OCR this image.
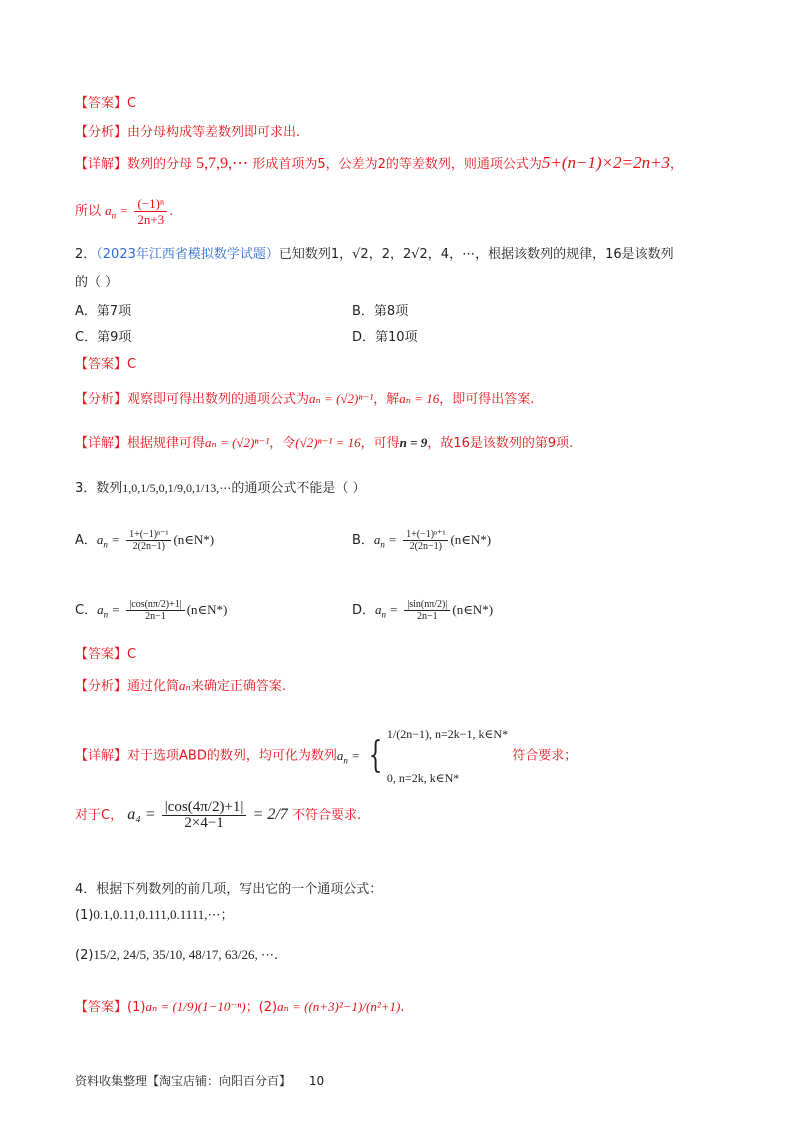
【答案】C
【分析】由分母构成等差数列即可求出.
【详解】数列的分母 5,7,9,⋯ 形成首项为5，公差为2的等差数列，则通项公式为5+(n−1)×2=2n+3，
所以 $a_n = \frac{\text{(−1)ⁿ}}{2n+3}$ .
2．（2023年江西省模拟数学试题）已知数列1，√2，2，2√2，4，⋯，根据该数列的规律，16是该数列
的（ ）
A．第7项	B．第8项
C．第9项	D．第10项
【答案】C
【分析】观察即可得出数列的通项公式为aₙ = (√2)ⁿ⁻¹，解aₙ = 16，即可得出答案.
【详解】根据规律可得aₙ = (√2)ⁿ⁻¹，令(√2)ⁿ⁻¹ = 16，可得n = 9，故16是该数列的第9项.
3．数列1,0,1/5,0,1/9,0,1/13,⋯的通项公式不能是（ ）
A．$a_n = \frac{\text{1+(−1)ⁿ⁻¹}}{2(2n-1)}$ (n∈N*)	B．$a_n = \frac{\text{1+(−1)ⁿ⁺¹}}{2(2n-1)}$ (n∈N*)
C．$a_n = \frac{|\cos(n\pi/2)+1|}{2n-1}$ (n∈N*)	D．$a_n = \frac{|\sin(n\pi/2)|}{2n-1}$ (n∈N*)
【答案】C
【分析】通过化简aₙ来确定正确答案.
【详解】对于选项ABD的数列，均可化为数列$a_n$ = {
1/(2n−1), n=2k−1, k∈N*
0, n=2k, k∈N*
符合要求；
对于C， $a_4 = \frac{|\cos(4\pi/2)+1|}{2\times 4-1} = 2/7$ 不符合要求.
4．根据下列数列的前几项，写出它的一个通项公式：
(1)0.1,0.11,0.111,0.1111,⋯；
(2)15/2, 24/5, 35/10, 48/17, 63/26, ⋯.
【答案】(1)aₙ = (1/9)(1−10⁻ⁿ)；(2)aₙ = ((n+3)²−1)/(n²+1).
资料收集整理【淘宝店铺：向阳百分百】 10
